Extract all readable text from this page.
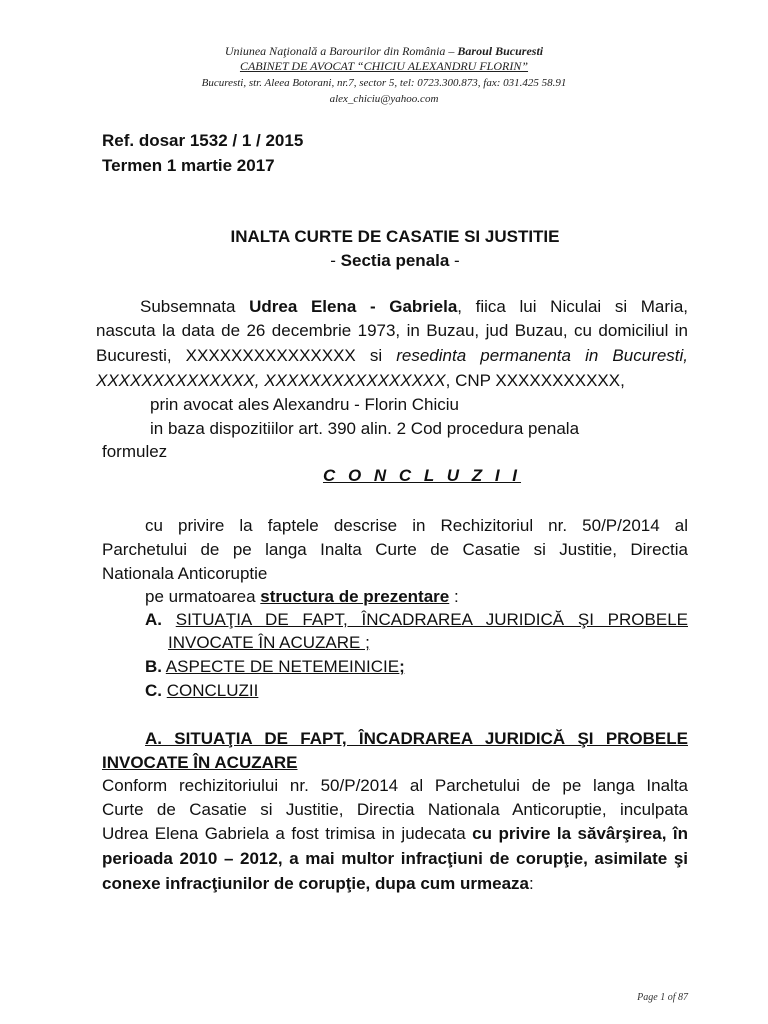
Uniunea Naţională a Barourilor din România – Baroul Bucuresti
CABINET DE AVOCAT “CHICIU ALEXANDRU FLORIN”
Bucuresti, str. Aleea Botorani, nr.7, sector 5, tel: 0723.300.873, fax: 031.425 58.91
alex_chiciu@yahoo.com
Ref. dosar 1532 / 1 / 2015
Termen 1 martie 2017
INALTA CURTE DE CASATIE SI JUSTITIE
- Sectia penala -
Subsemnata Udrea Elena - Gabriela, fiica lui Niculai si Maria,
nascuta la data de 26 decembrie 1973, in Buzau, jud Buzau, cu domiciliul in
Bucuresti, XXXXXXXXXXXXXXX si resedinta permanenta in Bucuresti,
XXXXXXXXXXXXXX, XXXXXXXXXXXXXXXX, CNP XXXXXXXXXXX,
prin avocat ales Alexandru - Florin Chiciu
in baza dispozitiilor art. 390 alin. 2 Cod procedura penala
formulez
C O N C L U Z I I
cu privire la faptele descrise in Rechizitoriul nr. 50/P/2014 al
Parchetului de pe langa Inalta Curte de Casatie si Justitie, Directia
Nationala Anticoruptie
pe urmatoarea structura de prezentare :
A. SITUAŢIA DE FAPT, ÎNCADRAREA JURIDICĂ ŞI PROBELE
INVOCATE ÎN ACUZARE ;
B. ASPECTE DE NETEMEINICIE;
C. CONCLUZII
A. SITUAŢIA DE FAPT, ÎNCADRAREA JURIDICĂ ŞI PROBELE
INVOCATE ÎN ACUZARE
Conform rechizitoriului nr. 50/P/2014 al Parchetului de pe langa Inalta
Curte de Casatie si Justitie, Directia Nationala Anticoruptie, inculpata
Udrea Elena Gabriela a fost trimisa in judecata cu privire la săvârşirea, în
perioada 2010 – 2012, a mai multor infracţiuni de corupţie, asimilate şi
conexe infracţiunilor de corupţie, dupa cum urmeaza:
Page 1 of 87
